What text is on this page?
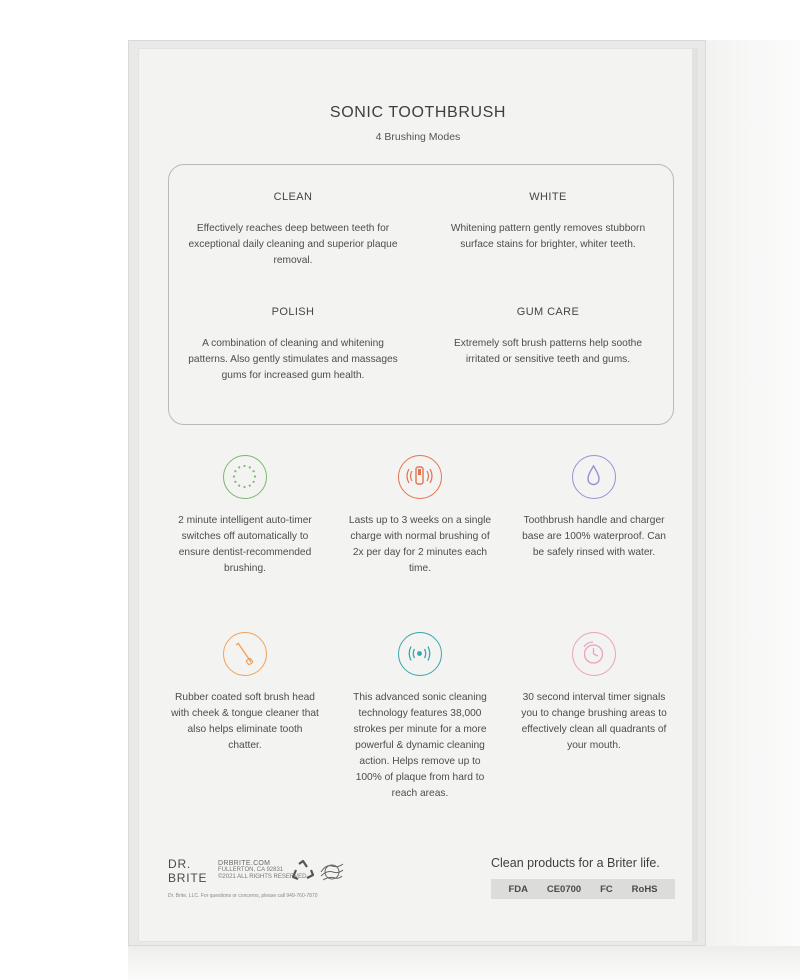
SONIC TOOTHBRUSH
4 Brushing Modes
CLEAN
Effectively reaches deep between teeth for exceptional daily cleaning and superior plaque removal.
WHITE
Whitening pattern gently removes stubborn surface stains for brighter, whiter teeth.
POLISH
A combination of cleaning and whitening patterns. Also gently stimulates and massages gums for increased gum health.
GUM CARE
Extremely soft brush patterns help soothe irritated or sensitive teeth and gums.
2 minute intelligent auto-timer switches off automatically to ensure dentist-recommended brushing.
Lasts up to 3 weeks on a single charge with normal brushing of 2x per day for 2 minutes each time.
Toothbrush handle and charger base are 100% waterproof. Can be safely rinsed with water.
Rubber coated soft brush head with cheek & tongue cleaner that also helps eliminate tooth chatter.
This advanced sonic cleaning technology features 38,000 strokes per minute for a more powerful & dynamic cleaning action. Helps remove up to 100% of plaque from hard to reach areas.
30 second interval timer signals you to change brushing areas to effectively clean all quadrants of your mouth.
DR.
BRITE
DRBRITE.COM
FULLERTON, CA 92831
©2021 ALL RIGHTS RESERVED
Dr. Brite, LLC. For questions or concerns, please call 949-760-7870
Clean products for a Briter life.
FDA CE0700 FC RoHS
